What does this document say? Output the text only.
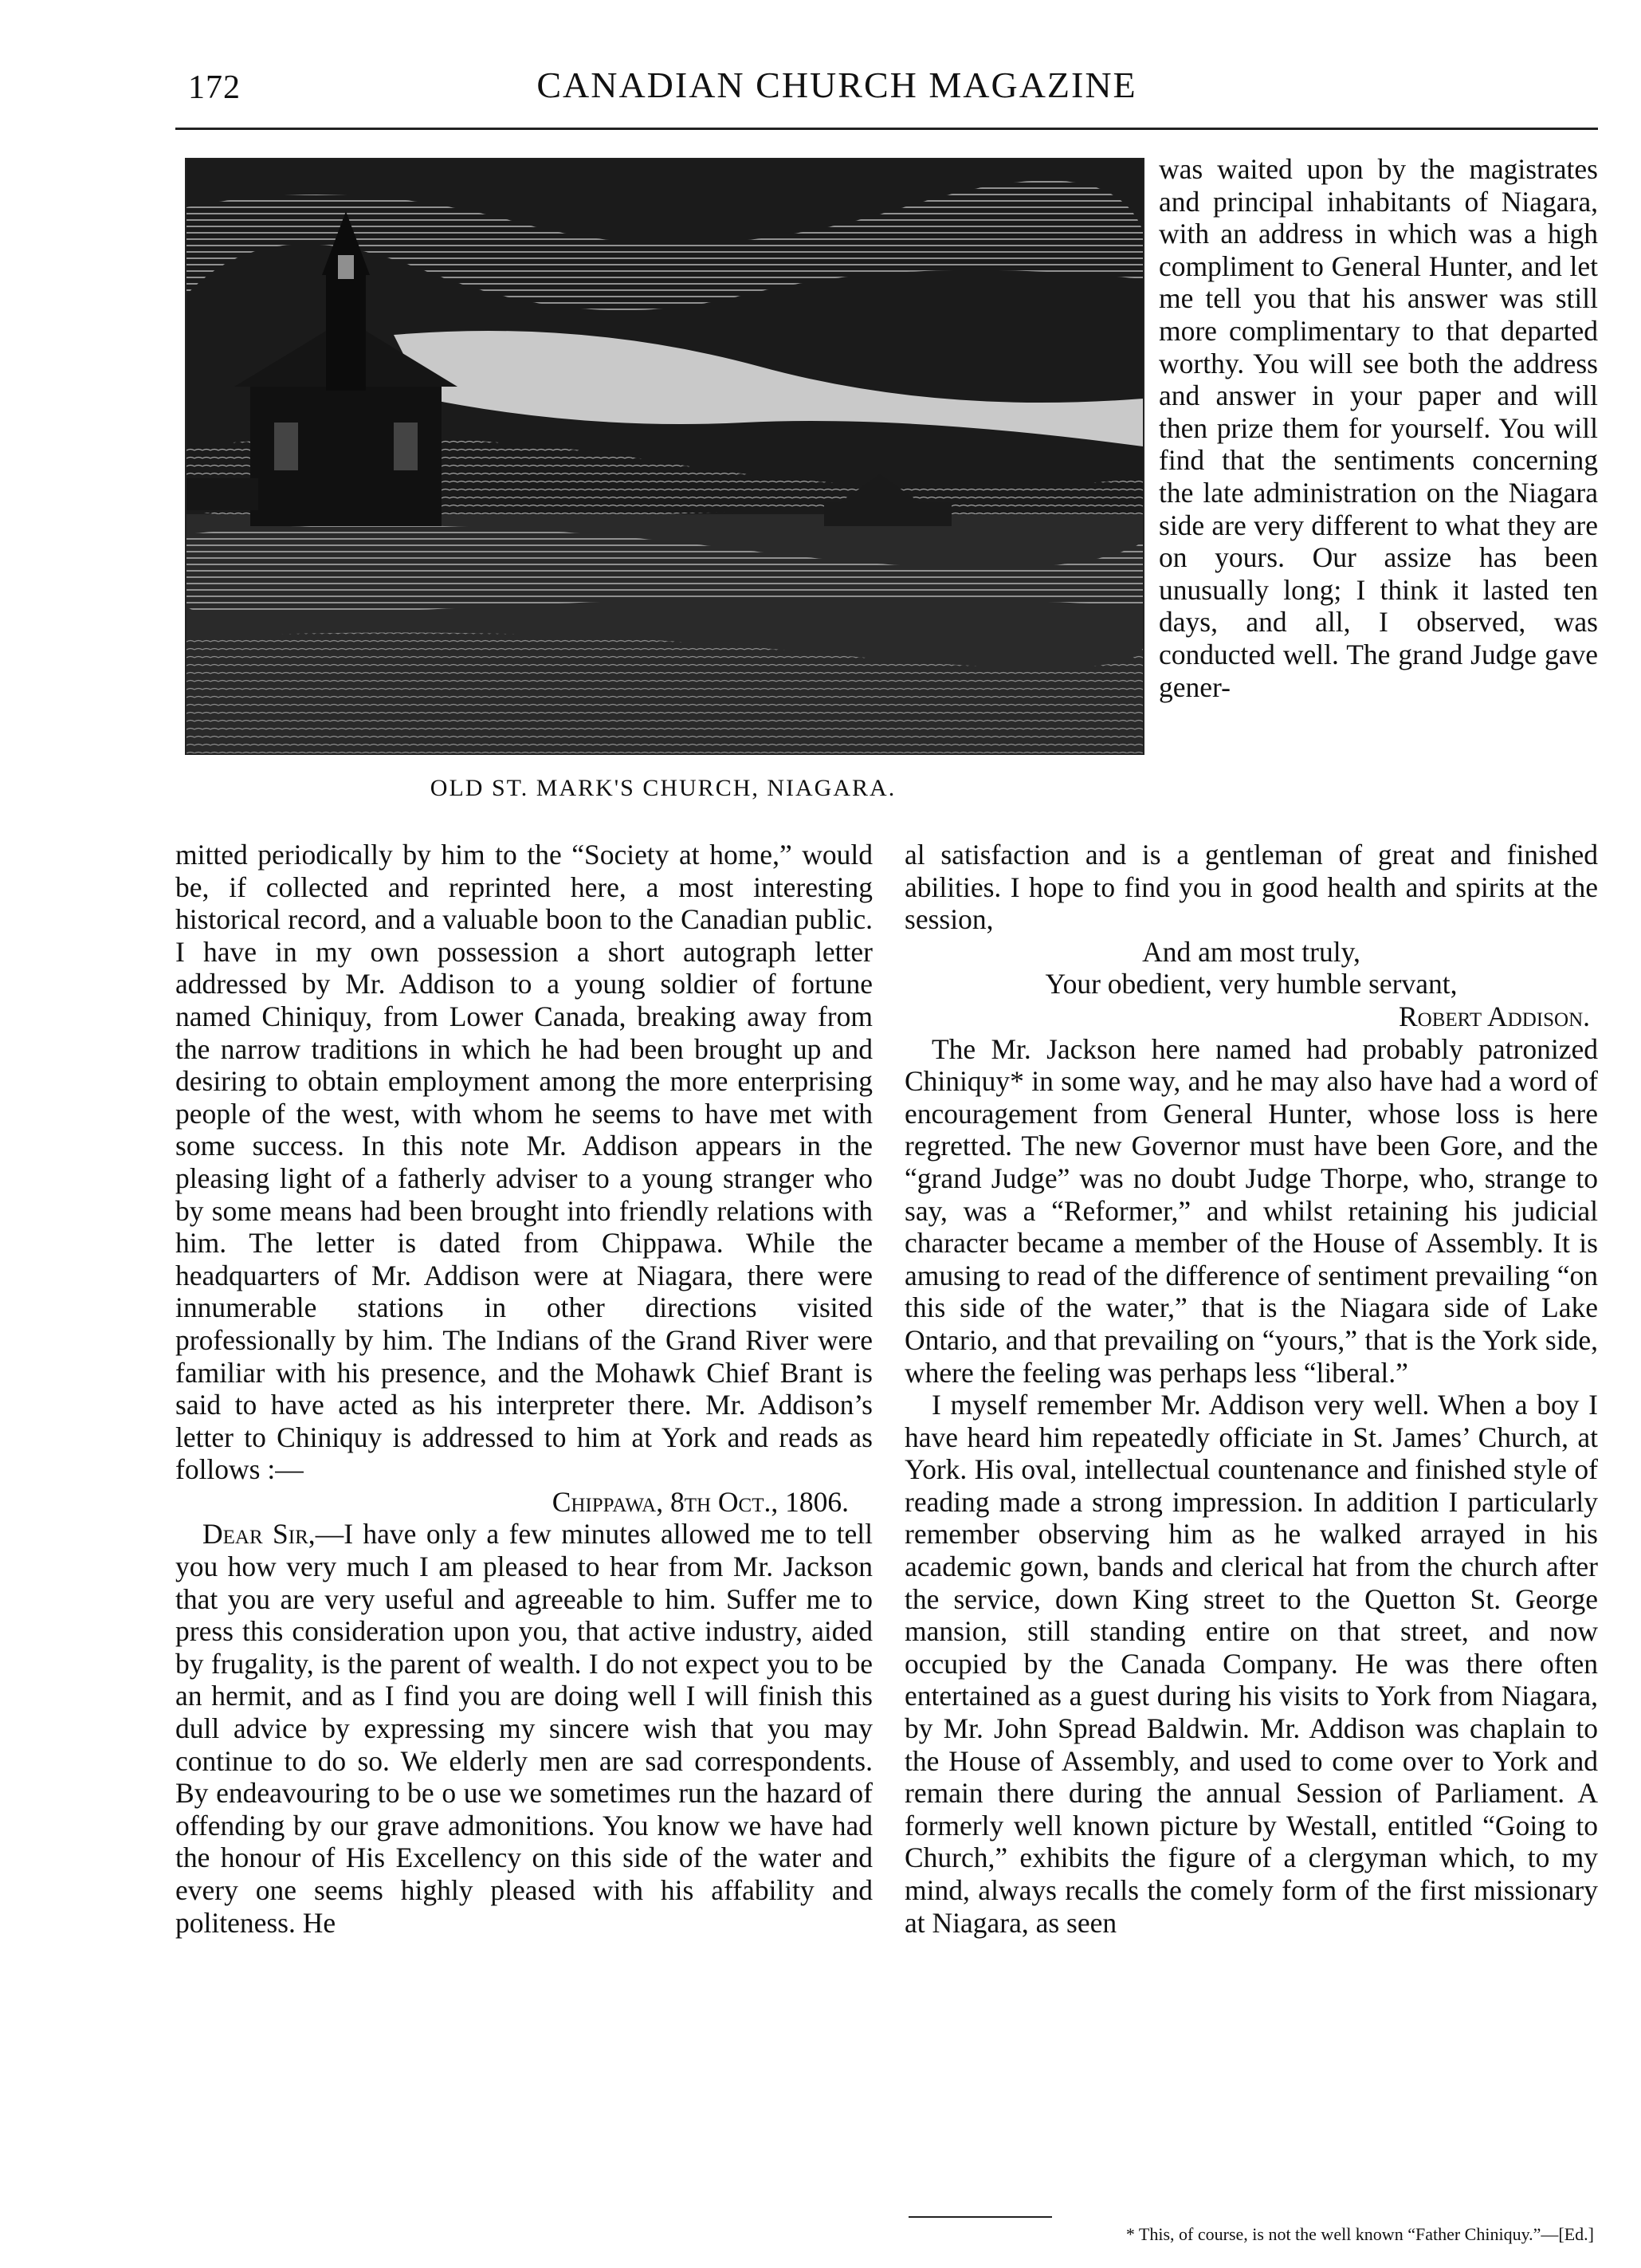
172	CANADIAN CHURCH MAGAZINE
OLD ST. MARK'S CHURCH, NIAGARA.

was waited upon by the magistrates and principal inhabitants of Niagara, with an address in which was a high compliment to General Hunter, and let me tell you that his answer was still more complimentary to that departed worthy. You will see both the address and answer in your paper and will then prize them for yourself. You will find that the sentiments concerning the late administration on the Niagara side are very different to what they are on yours. Our assize has been unusually long; I think it lasted ten days, and all, I observed, was conducted well. The grand Judge gave gener-

mitted periodically by him to the “Society at home,” would be, if collected and reprinted here, a most interesting historical record, and a valuable boon to the Canadian public. I have in my own possession a short autograph letter addressed by Mr. Addison to a young soldier of fortune named Chiniquy, from Lower Canada, breaking away from the narrow traditions in which he had been brought up and desiring to obtain employment among the more enterprising people of the west, with whom he seems to have met with some success. In this note Mr. Addison appears in the pleasing light of a fatherly adviser to a young stranger who by some means had been brought into friendly relations with him. The letter is dated from Chippawa. While the headquarters of Mr. Addison were at Niagara, there were innumerable stations in other directions visited professionally by him. The Indians of the Grand River were familiar with his presence, and the Mohawk Chief Brant is said to have acted as his interpreter there. Mr. Addison’s letter to Chiniquy is addressed to him at York and reads as follows :—

Chippawa, 8th Oct., 1806.

Dear Sir,—I have only a few minutes allowed me to tell you how very much I am pleased to hear from Mr. Jackson that you are very useful and agreeable to him. Suffer me to press this consideration upon you, that active industry, aided by frugality, is the parent of wealth. I do not expect you to be an hermit, and as I find you are doing well I will finish this dull advice by expressing my sincere wish that you may continue to do so. We elderly men are sad correspondents. By endeavouring to be o use we sometimes run the hazard of offending by our grave admonitions. You know we have had the honour of His Excellency on this side of the water and every one seems highly pleased with his affability and politeness. He

al satisfaction and is a gentleman of great and finished abilities. I hope to find you in good health and spirits at the session,

And am most truly,

Your obedient, very humble servant,

Robert Addison.

The Mr. Jackson here named had probably patronized Chiniquy* in some way, and he may also have had a word of encouragement from General Hunter, whose loss is here regretted. The new Governor must have been Gore, and the “grand Judge” was no doubt Judge Thorpe, who, strange to say, was a “Reformer,” and whilst retaining his judicial character became a member of the House of Assembly. It is amusing to read of the difference of sentiment prevailing “on this side of the water,” that is the Niagara side of Lake Ontario, and that prevailing on “yours,” that is the York side, where the feeling was perhaps less “liberal.”

I myself remember Mr. Addison very well. When a boy I have heard him repeatedly officiate in St. James’ Church, at York. His oval, intellectual countenance and finished style of reading made a strong impression. In addition I particularly remember observing him as he walked arrayed in his academic gown, bands and clerical hat from the church after the service, down King street to the Quetton St. George mansion, still standing entire on that street, and now occupied by the Canada Company. He was there often entertained as a guest during his visits to York from Niagara, by Mr. John Spread Baldwin. Mr. Addison was chaplain to the House of Assembly, and used to come over to York and remain there during the annual Session of Parliament. A formerly well known picture by Westall, entitled “Going to Church,” exhibits the figure of a clergyman which, to my mind, always recalls the comely form of the first missionary at Niagara, as seen

* This, of course, is not the well known “Father Chiniquy.”—[Ed.]
